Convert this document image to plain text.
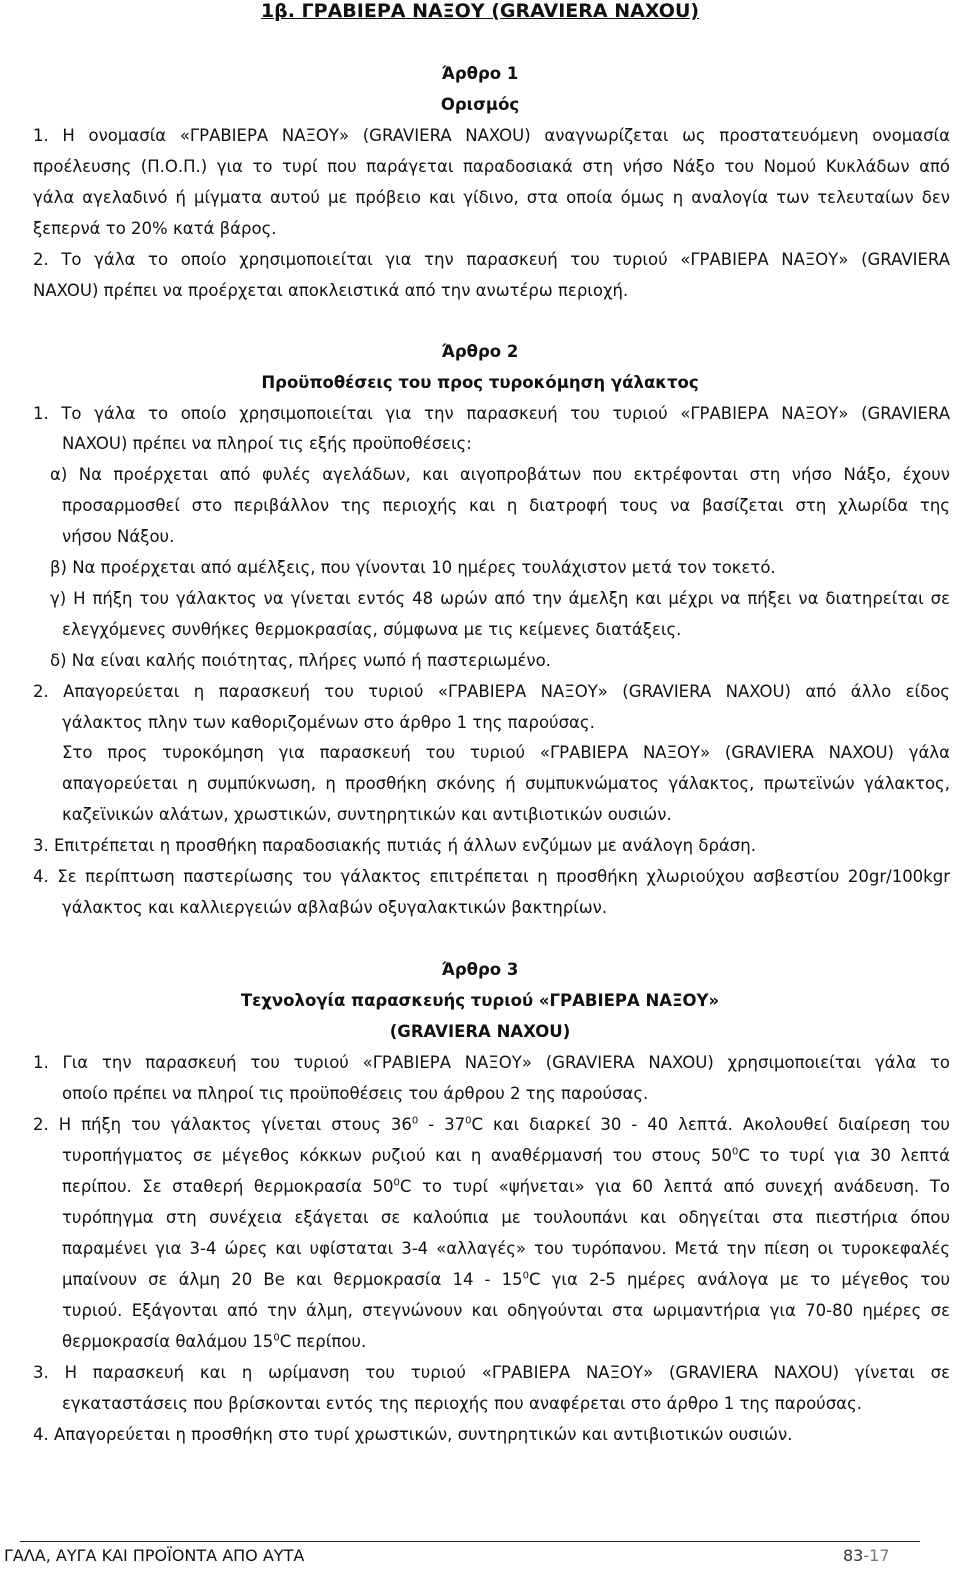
1β. ΓΡΑΒΙΕΡΑ ΝΑΞΟΥ (GRAVIERA NAXOU)
Άρθρο 1
Ορισμός
1. Η ονομασία «ΓΡΑΒΙΕΡΑ ΝΑΞΟΥ» (GRAVIERA NAXOU) αναγνωρίζεται ως προστατευόμενη ονομασία
προέλευσης (Π.Ο.Π.) για το τυρί που παράγεται παραδοσιακά στη νήσο Νάξο του Νομού Κυκλάδων από
γάλα αγελαδινό ή μίγματα αυτού με πρόβειο και γίδινο, στα οποία όμως η αναλογία των τελευταίων δεν
ξεπερνά το 20% κατά βάρος.
2. Το γάλα το οποίο χρησιμοποιείται για την παρασκευή του τυριού «ΓΡΑΒΙΕΡΑ ΝΑΞΟΥ» (GRAVIERA
NAXOU) πρέπει να προέρχεται αποκλειστικά από την ανωτέρω περιοχή.
Άρθρο 2
Προϋποθέσεις του προς τυροκόμηση γάλακτος
1. Το γάλα το οποίο χρησιμοποιείται για την παρασκευή του τυριού «ΓΡΑΒΙΕΡΑ ΝΑΞΟΥ» (GRAVIERA
NAXOU) πρέπει να πληροί τις εξής προϋποθέσεις:
α) Να προέρχεται από φυλές αγελάδων, και αιγοπροβάτων που εκτρέφονται στη νήσο Νάξο, έχουν
προσαρμοσθεί στο περιβάλλον της περιοχής και η διατροφή τους να βασίζεται στη χλωρίδα της
νήσου Νάξου.
β) Να προέρχεται από αμέλξεις, που γίνονται 10 ημέρες τουλάχιστον μετά τον τοκετό.
γ) Η πήξη του γάλακτος να γίνεται εντός 48 ωρών από την άμελξη και μέχρι να πήξει να διατηρείται σε
ελεγχόμενες συνθήκες θερμοκρασίας, σύμφωνα με τις κείμενες διατάξεις.
δ) Να είναι καλής ποιότητας, πλήρες νωπό ή παστεριωμένο.
2. Απαγορεύεται η παρασκευή του τυριού «ΓΡΑΒΙΕΡΑ ΝΑΞΟΥ» (GRAVIERA NAXOU) από άλλο είδος
γάλακτος πλην των καθοριζομένων στο άρθρο 1 της παρούσας.
Στο προς τυροκόμηση για παρασκευή του τυριού «ΓΡΑΒΙΕΡΑ ΝΑΞΟΥ» (GRAVIERA NAXOU) γάλα
απαγορεύεται η συμπύκνωση, η προσθήκη σκόνης ή συμπυκνώματος γάλακτος, πρωτεϊνών γάλακτος,
καζεϊνικών αλάτων, χρωστικών, συντηρητικών και αντιβιοτικών ουσιών.
3. Επιτρέπεται η προσθήκη παραδοσιακής πυτιάς ή άλλων ενζύμων με ανάλογη δράση.
4. Σε περίπτωση παστερίωσης του γάλακτος επιτρέπεται η προσθήκη χλωριούχου ασβεστίου 20gr/100kgr
γάλακτος και καλλιεργειών αβλαβών οξυγαλακτικών βακτηρίων.
Άρθρο 3
Τεχνολογία παρασκευής τυριού «ΓΡΑΒΙΕΡΑ ΝΑΞΟΥ»
(GRAVIERA NAXOU)
1. Για την παρασκευή του τυριού «ΓΡΑΒΙΕΡΑ ΝΑΞΟΥ» (GRAVIERA NAXOU) χρησιμοποιείται γάλα το
οποίο πρέπει να πληροί τις προϋποθέσεις του άρθρου 2 της παρούσας.
2. Η πήξη του γάλακτος γίνεται στους $36^0 - 37^0C$ και διαρκεί 30 - 40 λεπτά. Ακολουθεί διαίρεση του
τυροπήγματος σε μέγεθος κόκκων ρυζιού και η αναθέρμανσή του στους $50^0C$ το τυρί για 30 λεπτά
περίπου. Σε σταθερή θερμοκρασία $50^0C$ το τυρί «ψήνεται» για 60 λεπτά από συνεχή ανάδευση. Το
τυρόπηγμα στη συνέχεια εξάγεται σε καλούπια με τουλουπάνι και οδηγείται στα πιεστήρια όπου
παραμένει για 3-4 ώρες και υφίσταται 3-4 «αλλαγές» του τυρόπανου. Μετά την πίεση οι τυροκεφαλές
μπαίνουν σε άλμη 20 Be και θερμοκρασία $14 - 15^0C$ για 2-5 ημέρες ανάλογα με το μέγεθος του
τυριού. Εξάγονται από την άλμη, στεγνώνουν και οδηγούνται στα ωριμαντήρια για 70-80 ημέρες σε
θερμοκρασία θαλάμου $15^0C$ περίπου.
3. Η παρασκευή και η ωρίμανση του τυριού «ΓΡΑΒΙΕΡΑ ΝΑΞΟΥ» (GRAVIERA NAXOU) γίνεται σε
εγκαταστάσεις που βρίσκονται εντός της περιοχής που αναφέρεται στο άρθρο 1 της παρούσας.
4. Απαγορεύεται η προσθήκη στο τυρί χρωστικών, συντηρητικών και αντιβιοτικών ουσιών.
ΓΑΛΑ, ΑΥΓΑ ΚΑΙ ΠΡΟΪΟΝΤΑ ΑΠΟ ΑΥΤΑ	83-17
